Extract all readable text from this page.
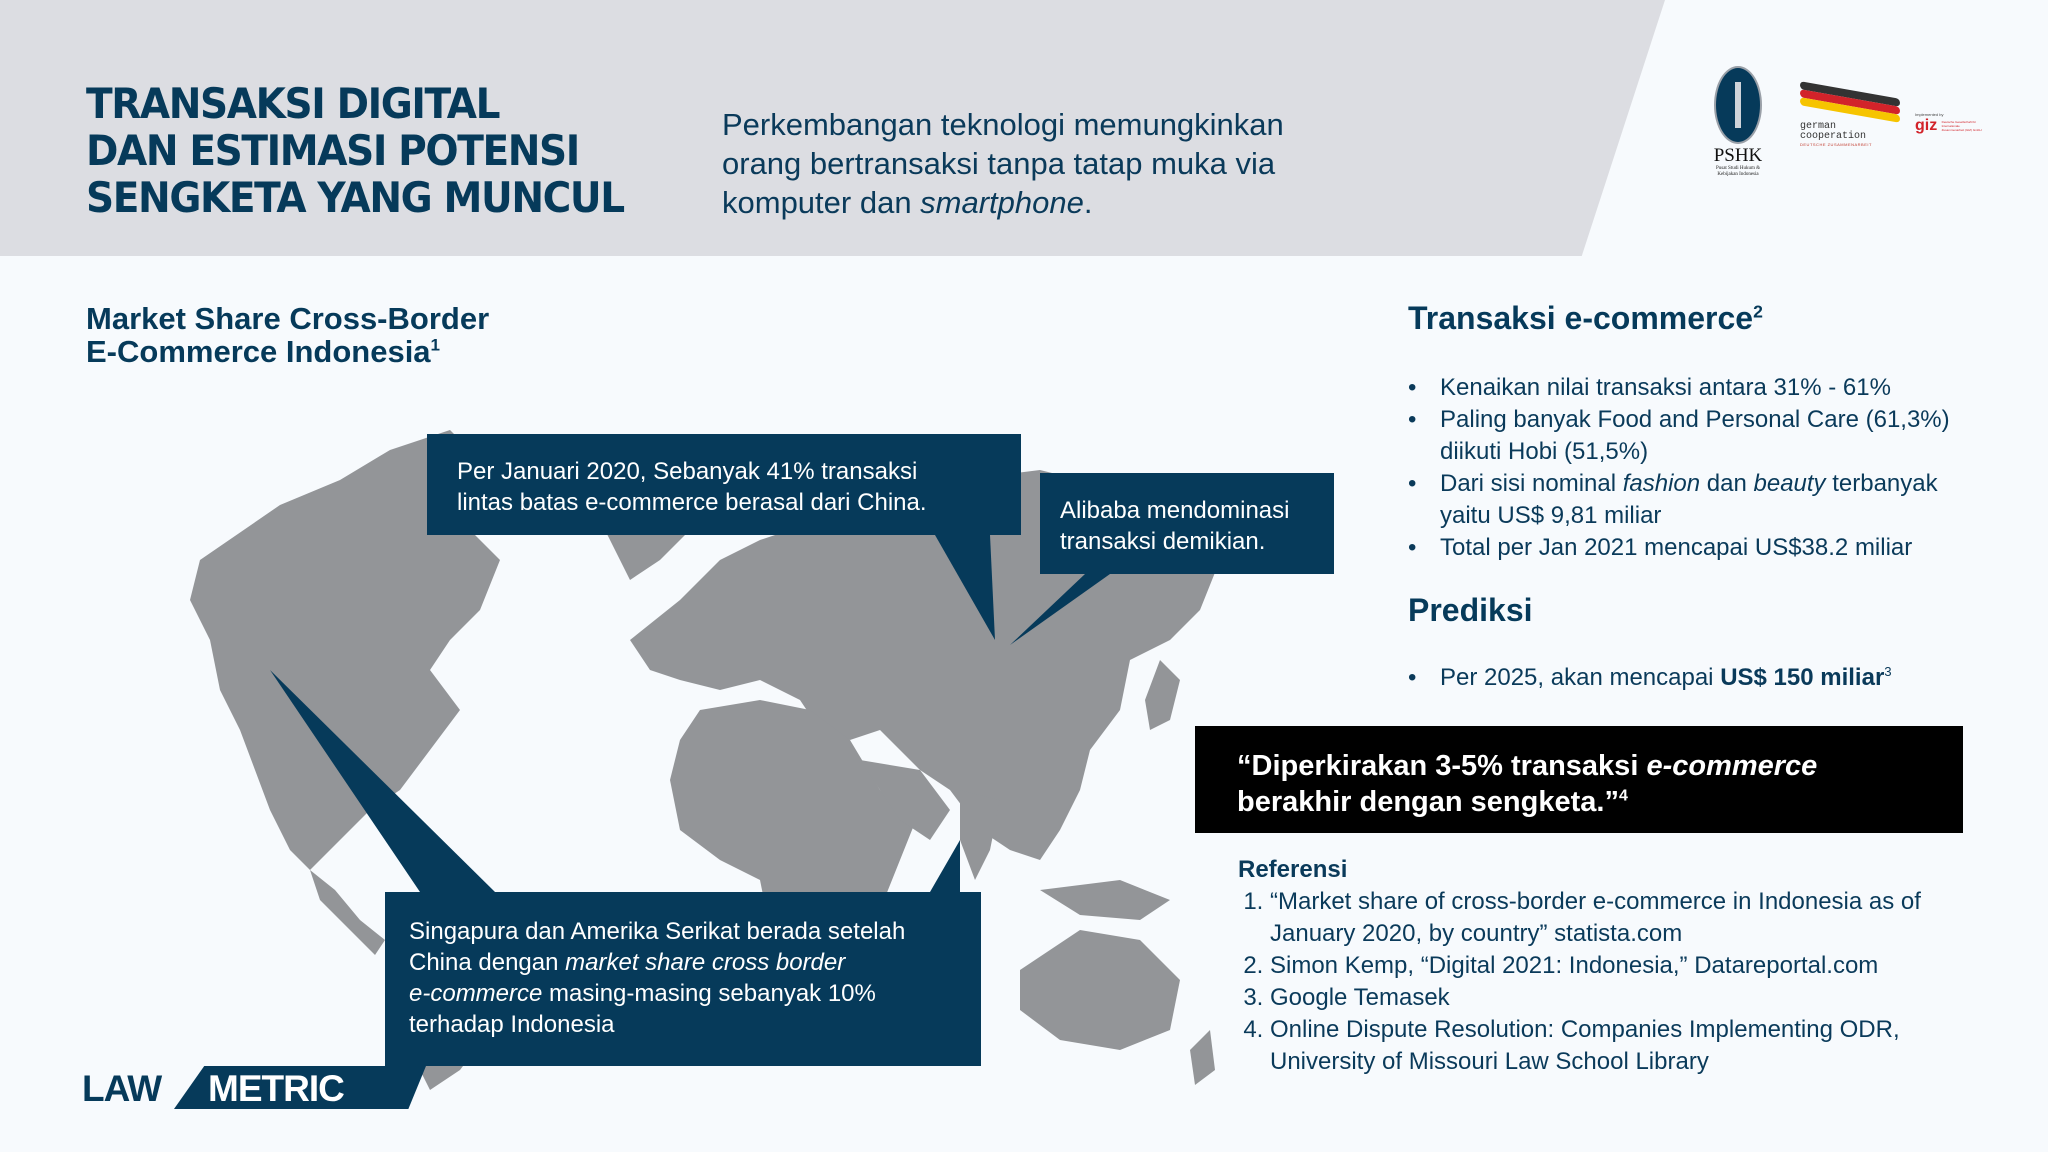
TRANSAKSI DIGITAL
DAN ESTIMASI POTENSI
SENGKETA YANG MUNCUL
Perkembangan teknologi memungkinkan
orang bertransaksi tanpa tatap muka via
komputer dan smartphone.
PSHK
Pusat Studi Hukum & Kebijakan Indonesia
german
cooperation
DEUTSCHE ZUSAMMENARBEIT
Implemented by
giz Deutsche Gesellschaft für Internationale Zusammenarbeit (GIZ) GmbH
Market Share Cross-Border
E-Commerce Indonesia$^1$
Per Januari 2020, Sebanyak 41% transaksi
lintas batas e-commerce berasal dari China.	Alibaba mendominasi
transaksi demikian.
Singapura dan Amerika Serikat berada setelah
China dengan market share cross border
e-commerce masing-masing sebanyak 10%
terhadap Indonesia
Transaksi e-commerce$^2$
• Kenaikan nilai transaksi antara 31% - 61%
• Paling banyak Food and Personal Care (61,3%) diikuti Hobi (51,5%)
• Dari sisi nominal fashion dan beauty terbanyak yaitu US$ 9,81 miliar
• Total per Jan 2021 mencapai US$38.2 miliar
Prediksi
• Per 2025, akan mencapai US$ 150 miliar$^3$
“Diperkirakan 3-5% transaksi e-commerce
berakhir dengan sengketa.”$^4$
Referensi
1. “Market share of cross-border e-commerce in Indonesia as of January 2020, by country” statista.com
2. Simon Kemp, “Digital 2021: Indonesia,” Datareportal.com
3. Google Temasek
4. Online Dispute Resolution: Companies Implementing ODR, University of Missouri Law School Library
LAW METRIC
